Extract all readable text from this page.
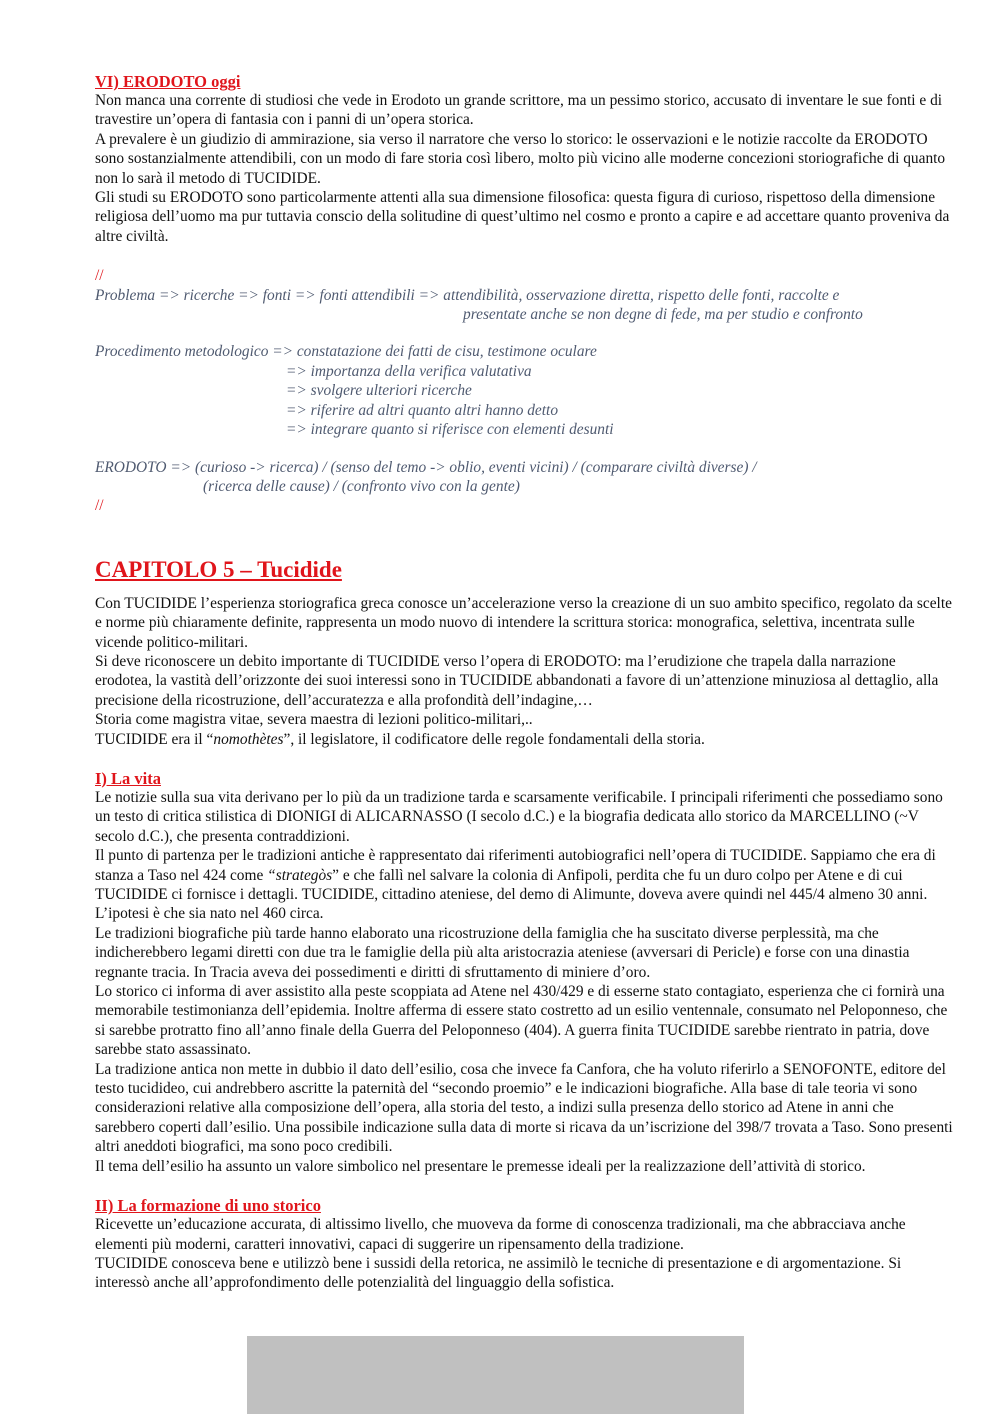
VI) ERODOTO oggi

Non manca una corrente di studiosi che vede in Erodoto un grande scrittore, ma un pessimo storico, accusato di inventare le sue fonti e di travestire un’opera di fantasia con i panni di un’opera storica.

A prevalere è un giudizio di ammirazione, sia verso il narratore che verso lo storico: le osservazioni e le notizie raccolte da ERODOTO sono sostanzialmente attendibili, con un modo di fare storia così libero, molto più vicino alle moderne concezioni storiografiche di quanto non lo sarà il metodo di TUCIDIDE.

Gli studi su ERODOTO sono particolarmente attenti alla sua dimensione filosofica: questa figura di curioso, rispettoso della dimensione religiosa dell’uomo ma pur tuttavia conscio della solitudine di quest’ultimo nel cosmo e pronto a capire e ad accettare quanto proveniva da altre civiltà.

//

Problema => ricerche => fonti => fonti attendibili => attendibilità, osservazione diretta, rispetto delle fonti, raccolte e

presentate anche se non degne di fede, ma per studio e confronto

Procedimento metodologico => constatazione dei fatti de cisu, testimone oculare

=> importanza della verifica valutativa

=> svolgere ulteriori ricerche

=> riferire ad altri quanto altri hanno detto

=> integrare quanto si riferisce con elementi desunti

ERODOTO => (curioso -> ricerca) / (senso del temo -> oblio, eventi vicini) / (comparare civiltà diverse) /

(ricerca delle cause) / (confronto vivo con la gente)

//

CAPITOLO 5 – Tucidide

Con TUCIDIDE l’esperienza storiografica greca conosce un’accelerazione verso la creazione di un suo ambito specifico, regolato da scelte e norme più chiaramente definite, rappresenta un modo nuovo di intendere la scrittura storica: monografica, selettiva, incentrata sulle vicende politico-militari.

Si deve riconoscere un debito importante di TUCIDIDE verso l’opera di ERODOTO: ma l’erudizione che trapela dalla narrazione erodotea, la vastità dell’orizzonte dei suoi interessi sono in TUCIDIDE abbandonati a favore di un’attenzione minuziosa al dettaglio, alla precisione della ricostruzione, dell’accuratezza e alla profondità dell’indagine,…

Storia come magistra vitae, severa maestra di lezioni politico-militari,..

TUCIDIDE era il “nomothètes”, il legislatore, il codificatore delle regole fondamentali della storia.

I) La vita

Le notizie sulla sua vita derivano per lo più da un tradizione tarda e scarsamente verificabile. I principali riferimenti che possediamo sono un testo di critica stilistica di DIONIGI di ALICARNASSO (I secolo d.C.) e la biografia dedicata allo storico da MARCELLINO (~V secolo d.C.), che presenta contraddizioni.

Il punto di partenza per le tradizioni antiche è rappresentato dai riferimenti autobiografici nell’opera di TUCIDIDE. Sappiamo che era di stanza a Taso nel 424 come “strategòs” e che fallì nel salvare la colonia di Anfipoli, perdita che fu un duro colpo per Atene e di cui TUCIDIDE ci fornisce i dettagli. TUCIDIDE, cittadino ateniese, del demo di Alimunte, doveva avere quindi nel 445/4 almeno 30 anni. L’ipotesi è che sia nato nel 460 circa.

Le tradizioni biografiche più tarde hanno elaborato una ricostruzione della famiglia che ha suscitato diverse perplessità, ma che indicherebbero legami diretti con due tra le famiglie della più alta aristocrazia ateniese (avversari di Pericle) e forse con una dinastia regnante tracia. In Tracia aveva dei possedimenti e diritti di sfruttamento di miniere d’oro.

Lo storico ci informa di aver assistito alla peste scoppiata ad Atene nel 430/429 e di esserne stato contagiato, esperienza che ci fornirà una memorabile testimonianza dell’epidemia. Inoltre afferma di essere stato costretto ad un esilio ventennale, consumato nel Peloponneso, che si sarebbe protratto fino all’anno finale della Guerra del Peloponneso (404). A guerra finita TUCIDIDE sarebbe rientrato in patria, dove sarebbe stato assassinato.

La tradizione antica non mette in dubbio il dato dell’esilio, cosa che invece fa Canfora, che ha voluto riferirlo a SENOFONTE, editore del testo tucidideo, cui andrebbero ascritte la paternità del “secondo proemio” e le indicazioni biografiche. Alla base di tale teoria vi sono considerazioni relative alla composizione dell’opera, alla storia del testo, a indizi sulla presenza dello storico ad Atene in anni che sarebbero coperti dall’esilio. Una possibile indicazione sulla data di morte si ricava da un’iscrizione del 398/7 trovata a Taso. Sono presenti altri aneddoti biografici, ma sono poco credibili.

Il tema dell’esilio ha assunto un valore simbolico nel presentare le premesse ideali per la realizzazione dell’attività di storico.

II) La formazione di uno storico

Ricevette un’educazione accurata, di altissimo livello, che muoveva da forme di conoscenza tradizionali, ma che abbracciava anche elementi più moderni, caratteri innovativi, capaci di suggerire un ripensamento della tradizione.

TUCIDIDE conosceva bene e utilizzò bene i sussidi della retorica, ne assimilò le tecniche di presentazione e di argomentazione. Si interessò anche all’approfondimento delle potenzialità del linguaggio della sofistica.
